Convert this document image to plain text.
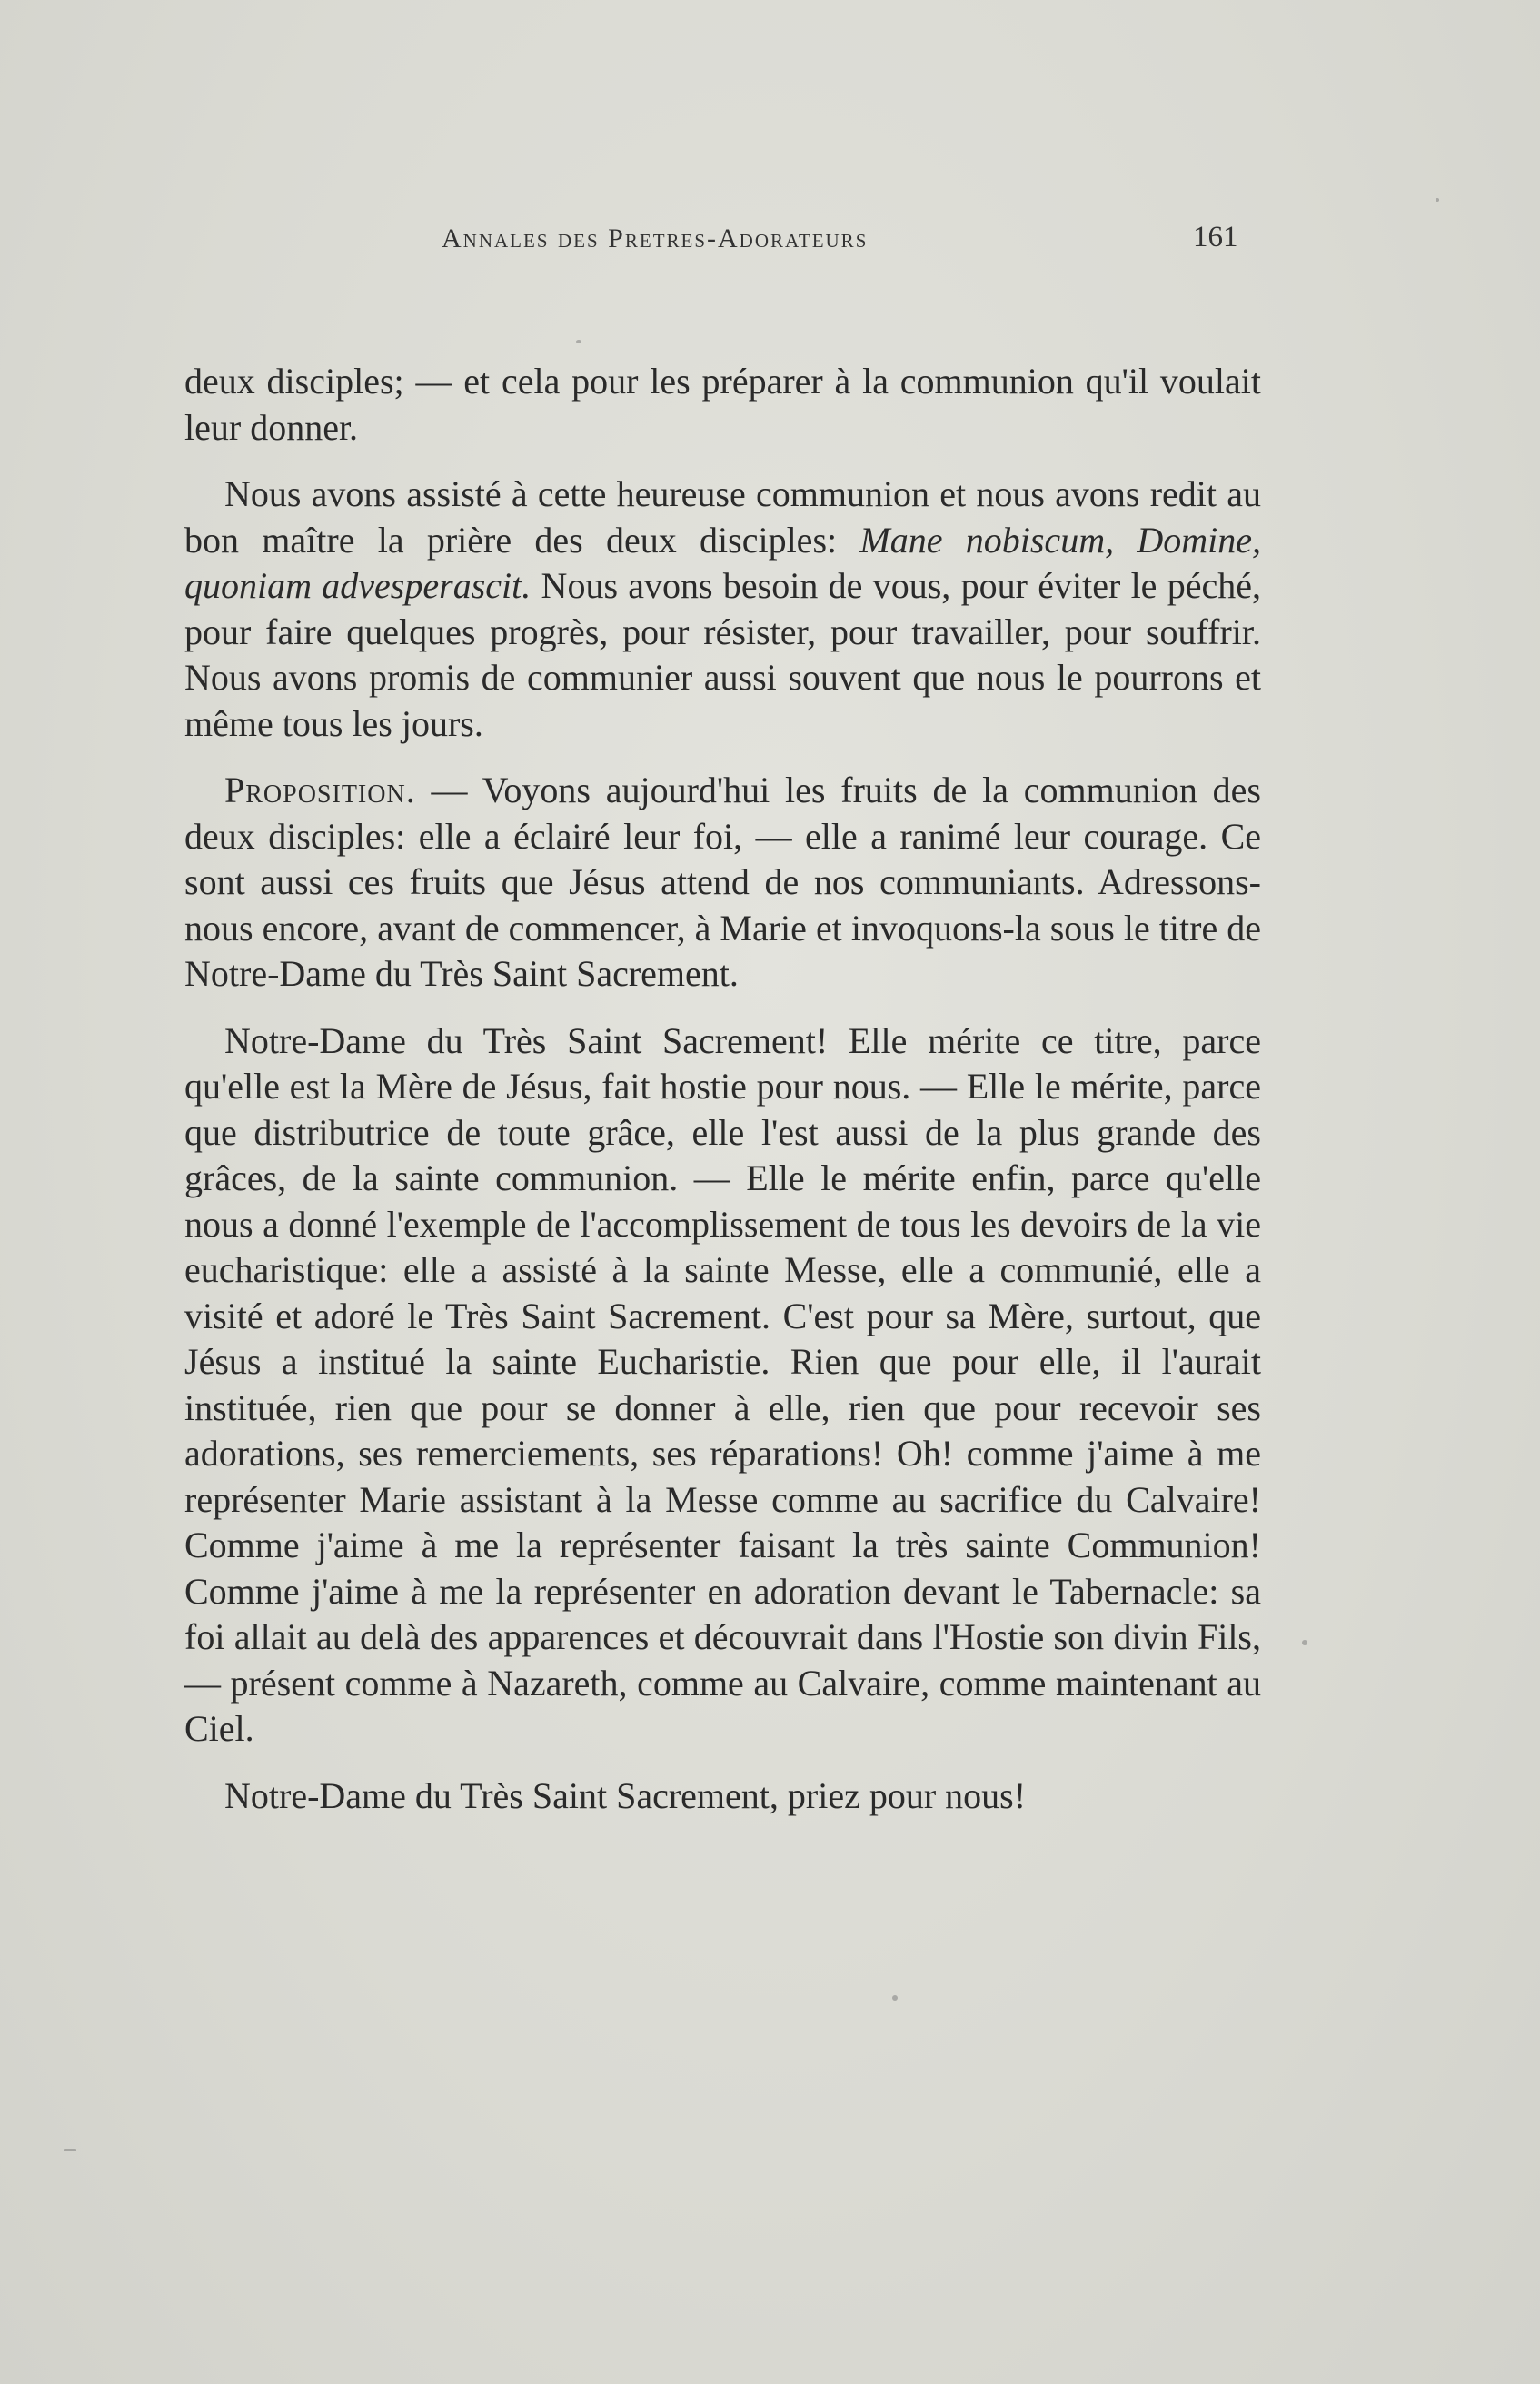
Annales des Pretres-Adorateurs	161

deux disciples; — et cela pour les préparer à la communion qu'il voulait leur donner.

Nous avons assisté à cette heureuse communion et nous avons redit au bon maître la prière des deux disciples: Mane nobiscum, Domine, quoniam advesperascit. Nous avons besoin de vous, pour éviter le péché, pour faire quelques progrès, pour résister, pour travailler, pour souffrir. Nous avons promis de communier aussi souvent que nous le pourrons et même tous les jours.

Proposition. — Voyons aujourd'hui les fruits de la communion des deux disciples: elle a éclairé leur foi, — elle a ranimé leur courage. Ce sont aussi ces fruits que Jésus attend de nos communiants. Adressons-nous encore, avant de commencer, à Marie et invoquons-la sous le titre de Notre-Dame du Très Saint Sacrement.

Notre-Dame du Très Saint Sacrement! Elle mérite ce titre, parce qu'elle est la Mère de Jésus, fait hostie pour nous. — Elle le mérite, parce que distributrice de toute grâce, elle l'est aussi de la plus grande des grâces, de la sainte communion. — Elle le mérite enfin, parce qu'elle nous a donné l'exemple de l'accomplissement de tous les devoirs de la vie eucharistique: elle a assisté à la sainte Messe, elle a communié, elle a visité et adoré le Très Saint Sacrement. C'est pour sa Mère, surtout, que Jésus a institué la sainte Eucharistie. Rien que pour elle, il l'aurait instituée, rien que pour se donner à elle, rien que pour recevoir ses adorations, ses remerciements, ses réparations! Oh! comme j'aime à me représenter Marie assistant à la Messe comme au sacrifice du Calvaire! Comme j'aime à me la représenter faisant la très sainte Communion! Comme j'aime à me la représenter en adoration devant le Tabernacle: sa foi allait au delà des apparences et découvrait dans l'Hostie son divin Fils, — présent comme à Nazareth, comme au Calvaire, comme maintenant au Ciel.

Notre-Dame du Très Saint Sacrement, priez pour nous!
